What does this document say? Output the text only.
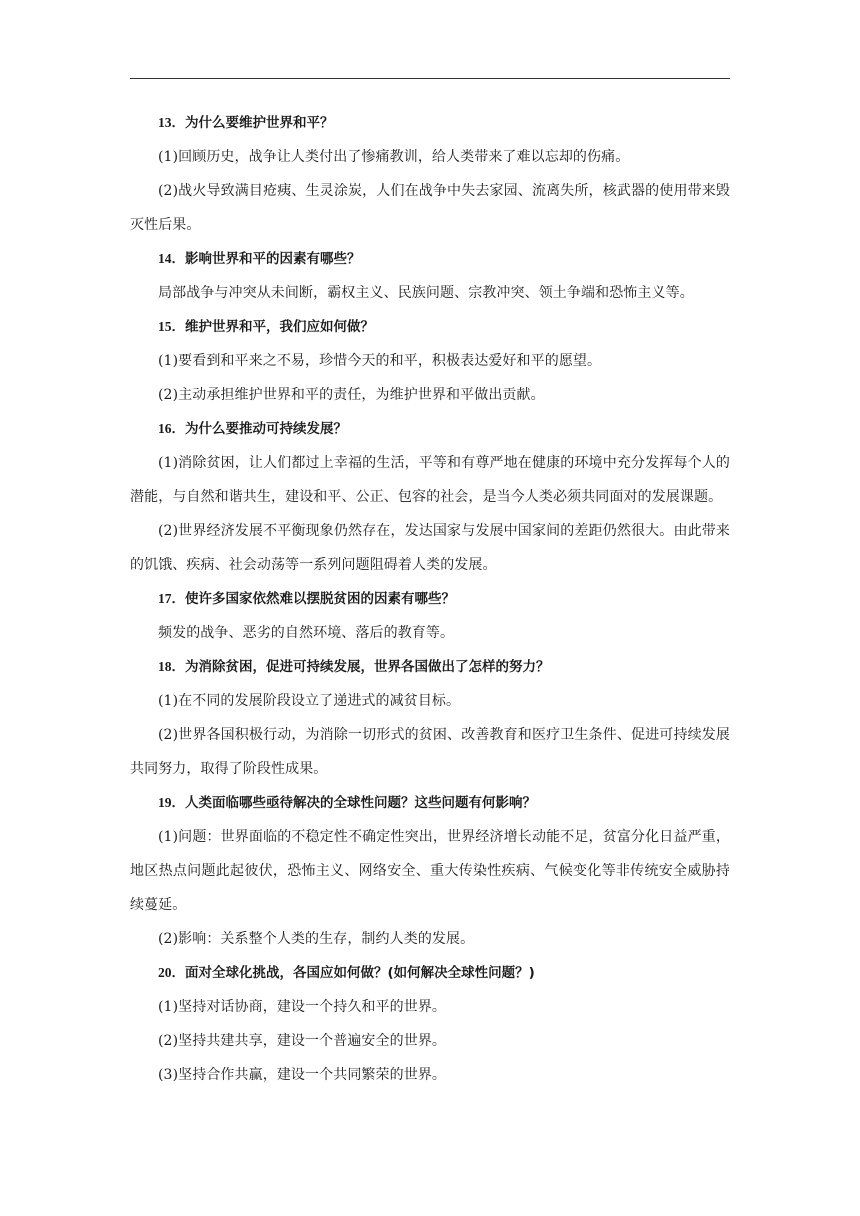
13．为什么要维护世界和平？

(1)回顾历史，战争让人类付出了惨痛教训，给人类带来了难以忘却的伤痛。

(2)战火导致满目疮痍、生灵涂炭，人们在战争中失去家园、流离失所，核武器的使用带来毁灭性后果。

14．影响世界和平的因素有哪些？

局部战争与冲突从未间断，霸权主义、民族问题、宗教冲突、领土争端和恐怖主义等。

15．维护世界和平，我们应如何做？

(1)要看到和平来之不易，珍惜今天的和平，积极表达爱好和平的愿望。

(2)主动承担维护世界和平的责任，为维护世界和平做出贡献。

16．为什么要推动可持续发展？

(1)消除贫困，让人们都过上幸福的生活，平等和有尊严地在健康的环境中充分发挥每个人的潜能，与自然和谐共生，建设和平、公正、包容的社会，是当今人类必须共同面对的发展课题。

(2)世界经济发展不平衡现象仍然存在，发达国家与发展中国家间的差距仍然很大。由此带来的饥饿、疾病、社会动荡等一系列问题阻碍着人类的发展。

17．使许多国家依然难以摆脱贫困的因素有哪些？

频发的战争、恶劣的自然环境、落后的教育等。

18．为消除贫困，促进可持续发展，世界各国做出了怎样的努力？

(1)在不同的发展阶段设立了递进式的减贫目标。

(2)世界各国积极行动，为消除一切形式的贫困、改善教育和医疗卫生条件、促进可持续发展共同努力，取得了阶段性成果。

19．人类面临哪些亟待解决的全球性问题？这些问题有何影响？

(1)问题：世界面临的不稳定性不确定性突出，世界经济增长动能不足，贫富分化日益严重，地区热点问题此起彼伏，恐怖主义、网络安全、重大传染性疾病、气候变化等非传统安全威胁持续蔓延。

(2)影响：关系整个人类的生存，制约人类的发展。

20．面对全球化挑战，各国应如何做？(如何解决全球性问题？)

(1)坚持对话协商，建设一个持久和平的世界。

(2)坚持共建共享，建设一个普遍安全的世界。

(3)坚持合作共赢，建设一个共同繁荣的世界。
